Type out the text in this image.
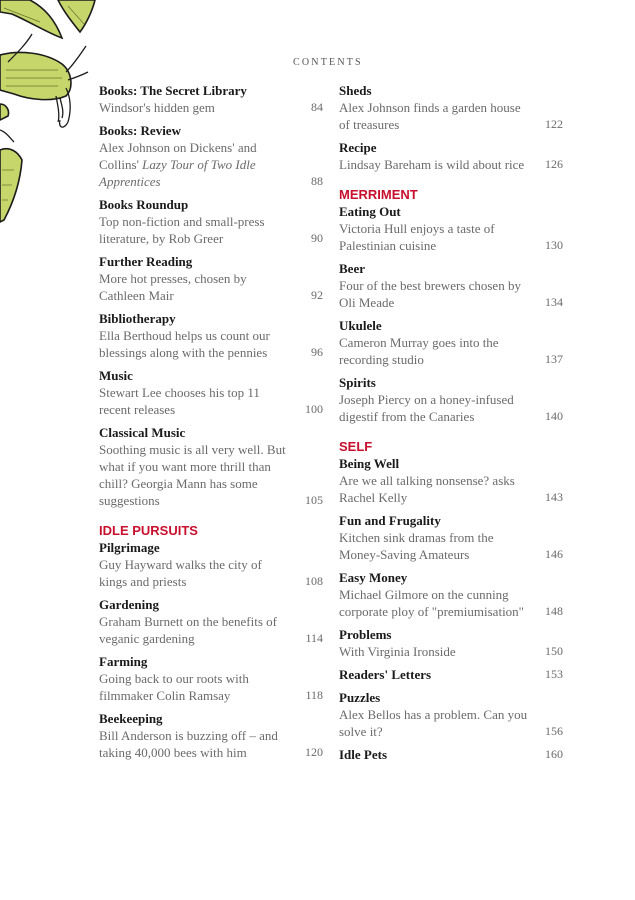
CONTENTS
Books: The Secret Library
Windsor's hidden gem	84
Books: Review
Alex Johnson on Dickens' and Collins' Lazy Tour of Two Idle Apprentices	88
Books Roundup
Top non-fiction and small-press literature, by Rob Greer	90
Further Reading
More hot presses, chosen by Cathleen Mair	92
Bibliotherapy
Ella Berthoud helps us count our blessings along with the pennies	96
Music
Stewart Lee chooses his top 11 recent releases	100
Classical Music
Soothing music is all very well. But what if you want more thrill than chill? Georgia Mann has some suggestions	105
IDLE PURSUITS
Pilgrimage
Guy Hayward walks the city of kings and priests	108
Gardening
Graham Burnett on the benefits of veganic gardening	114
Farming
Going back to our roots with filmmaker Colin Ramsay	118
Beekeeping
Bill Anderson is buzzing off – and taking 40,000 bees with him	120
Sheds
Alex Johnson finds a garden house of treasures	122
Recipe
Lindsay Bareham is wild about rice	126
MERRIMENT
Eating Out
Victoria Hull enjoys a taste of Palestinian cuisine	130
Beer
Four of the best brewers chosen by Oli Meade	134
Ukulele
Cameron Murray goes into the recording studio	137
Spirits
Joseph Piercy on a honey-infused digestif from the Canaries	140
SELF
Being Well
Are we all talking nonsense? asks Rachel Kelly	143
Fun and Frugality
Kitchen sink dramas from the Money-Saving Amateurs	146
Easy Money
Michael Gilmore on the cunning corporate ploy of "premiumisation"	148
Problems
With Virginia Ironside	150
Readers' Letters	153
Puzzles
Alex Bellos has a problem. Can you solve it?	156
Idle Pets	160
